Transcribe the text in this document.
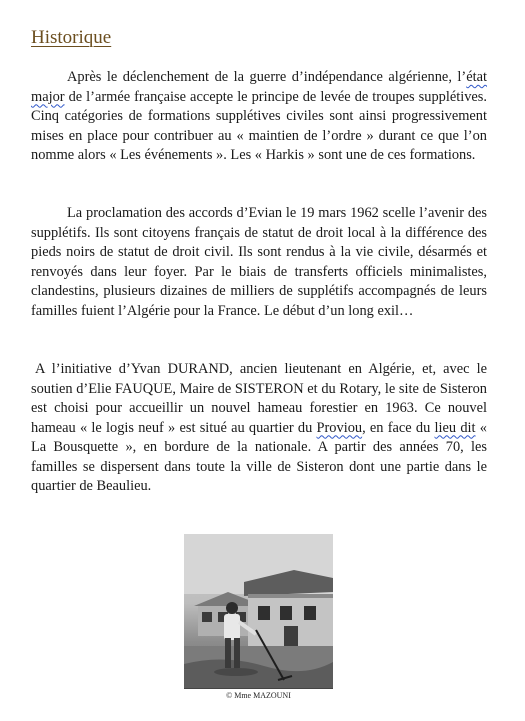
Historique

Après le déclenchement de la guerre d’indépendance algérienne, l’état major de l’armée française accepte le principe de levée de troupes supplétives. Cinq catégories de formations supplétives civiles sont ainsi progressivement mises en place pour contribuer au « maintien de l’ordre » durant ce que l’on nomme alors « Les événements ». Les « Harkis » sont une de ces formations.

La proclamation des accords d’Evian le 19 mars 1962 scelle l’avenir des supplétifs. Ils sont citoyens français de statut de droit local à la différence des pieds noirs de statut de droit civil. Ils sont rendus à la vie civile, désarmés et renvoyés dans leur foyer. Par le biais de transferts officiels minimalistes, clandestins, plusieurs dizaines de milliers de supplétifs accompagnés de leurs familles fuient l’Algérie pour la France. Le début d’un long exil…

A l’initiative d’Yvan DURAND, ancien lieutenant en Algérie, et, avec le soutien d’Elie FAUQUE, Maire de SISTERON et du Rotary, le site de Sisteron est choisi pour accueillir un nouvel hameau forestier en 1963. Ce nouvel hameau « le logis neuf » est situé au quartier du Proviou, en face du lieu dit « La Bousquette », en bordure de la nationale. A partir des années 70, les familles se dispersent dans toute la ville de Sisteron dont une partie dans le quartier de Beaulieu.

© Mme MAZOUNI
